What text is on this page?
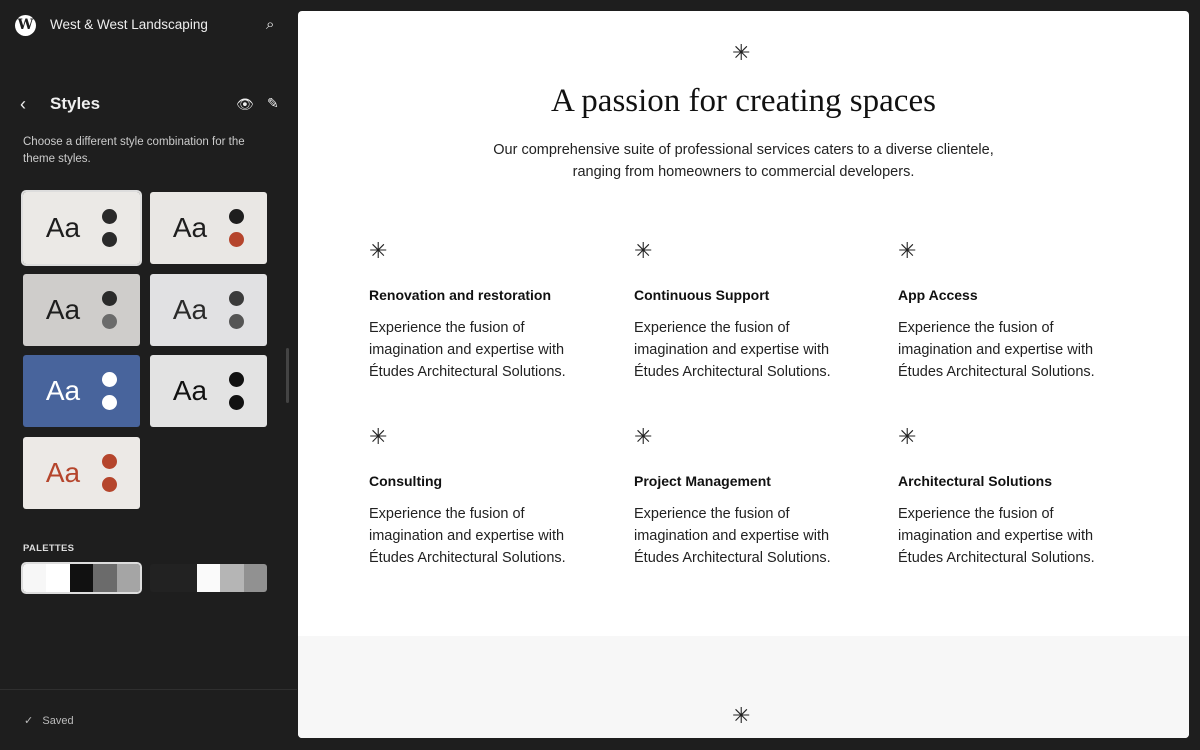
W West & West Landscaping	⌕
‹ Styles	👁 ✎
Choose a different style combination for the theme styles.
Aa	Aa
Aa	Aa
Aa	Aa
Aa
PALETTES
✓ Saved
✳
A passion for creating spaces
Our comprehensive suite of professional services caters to a diverse clientele,
ranging from homeowners to commercial developers.
✳
Renovation and restoration

Experience the fusion of imagination and expertise with Études Architectural Solutions.

✳
Continuous Support

Experience the fusion of imagination and expertise with Études Architectural Solutions.

✳
App Access

Experience the fusion of imagination and expertise with Études Architectural Solutions.

✳
Consulting

Experience the fusion of imagination and expertise with Études Architectural Solutions.

✳
Project Management

Experience the fusion of imagination and expertise with Études Architectural Solutions.

✳
Architectural Solutions

Experience the fusion of imagination and expertise with Études Architectural Solutions.

✳
